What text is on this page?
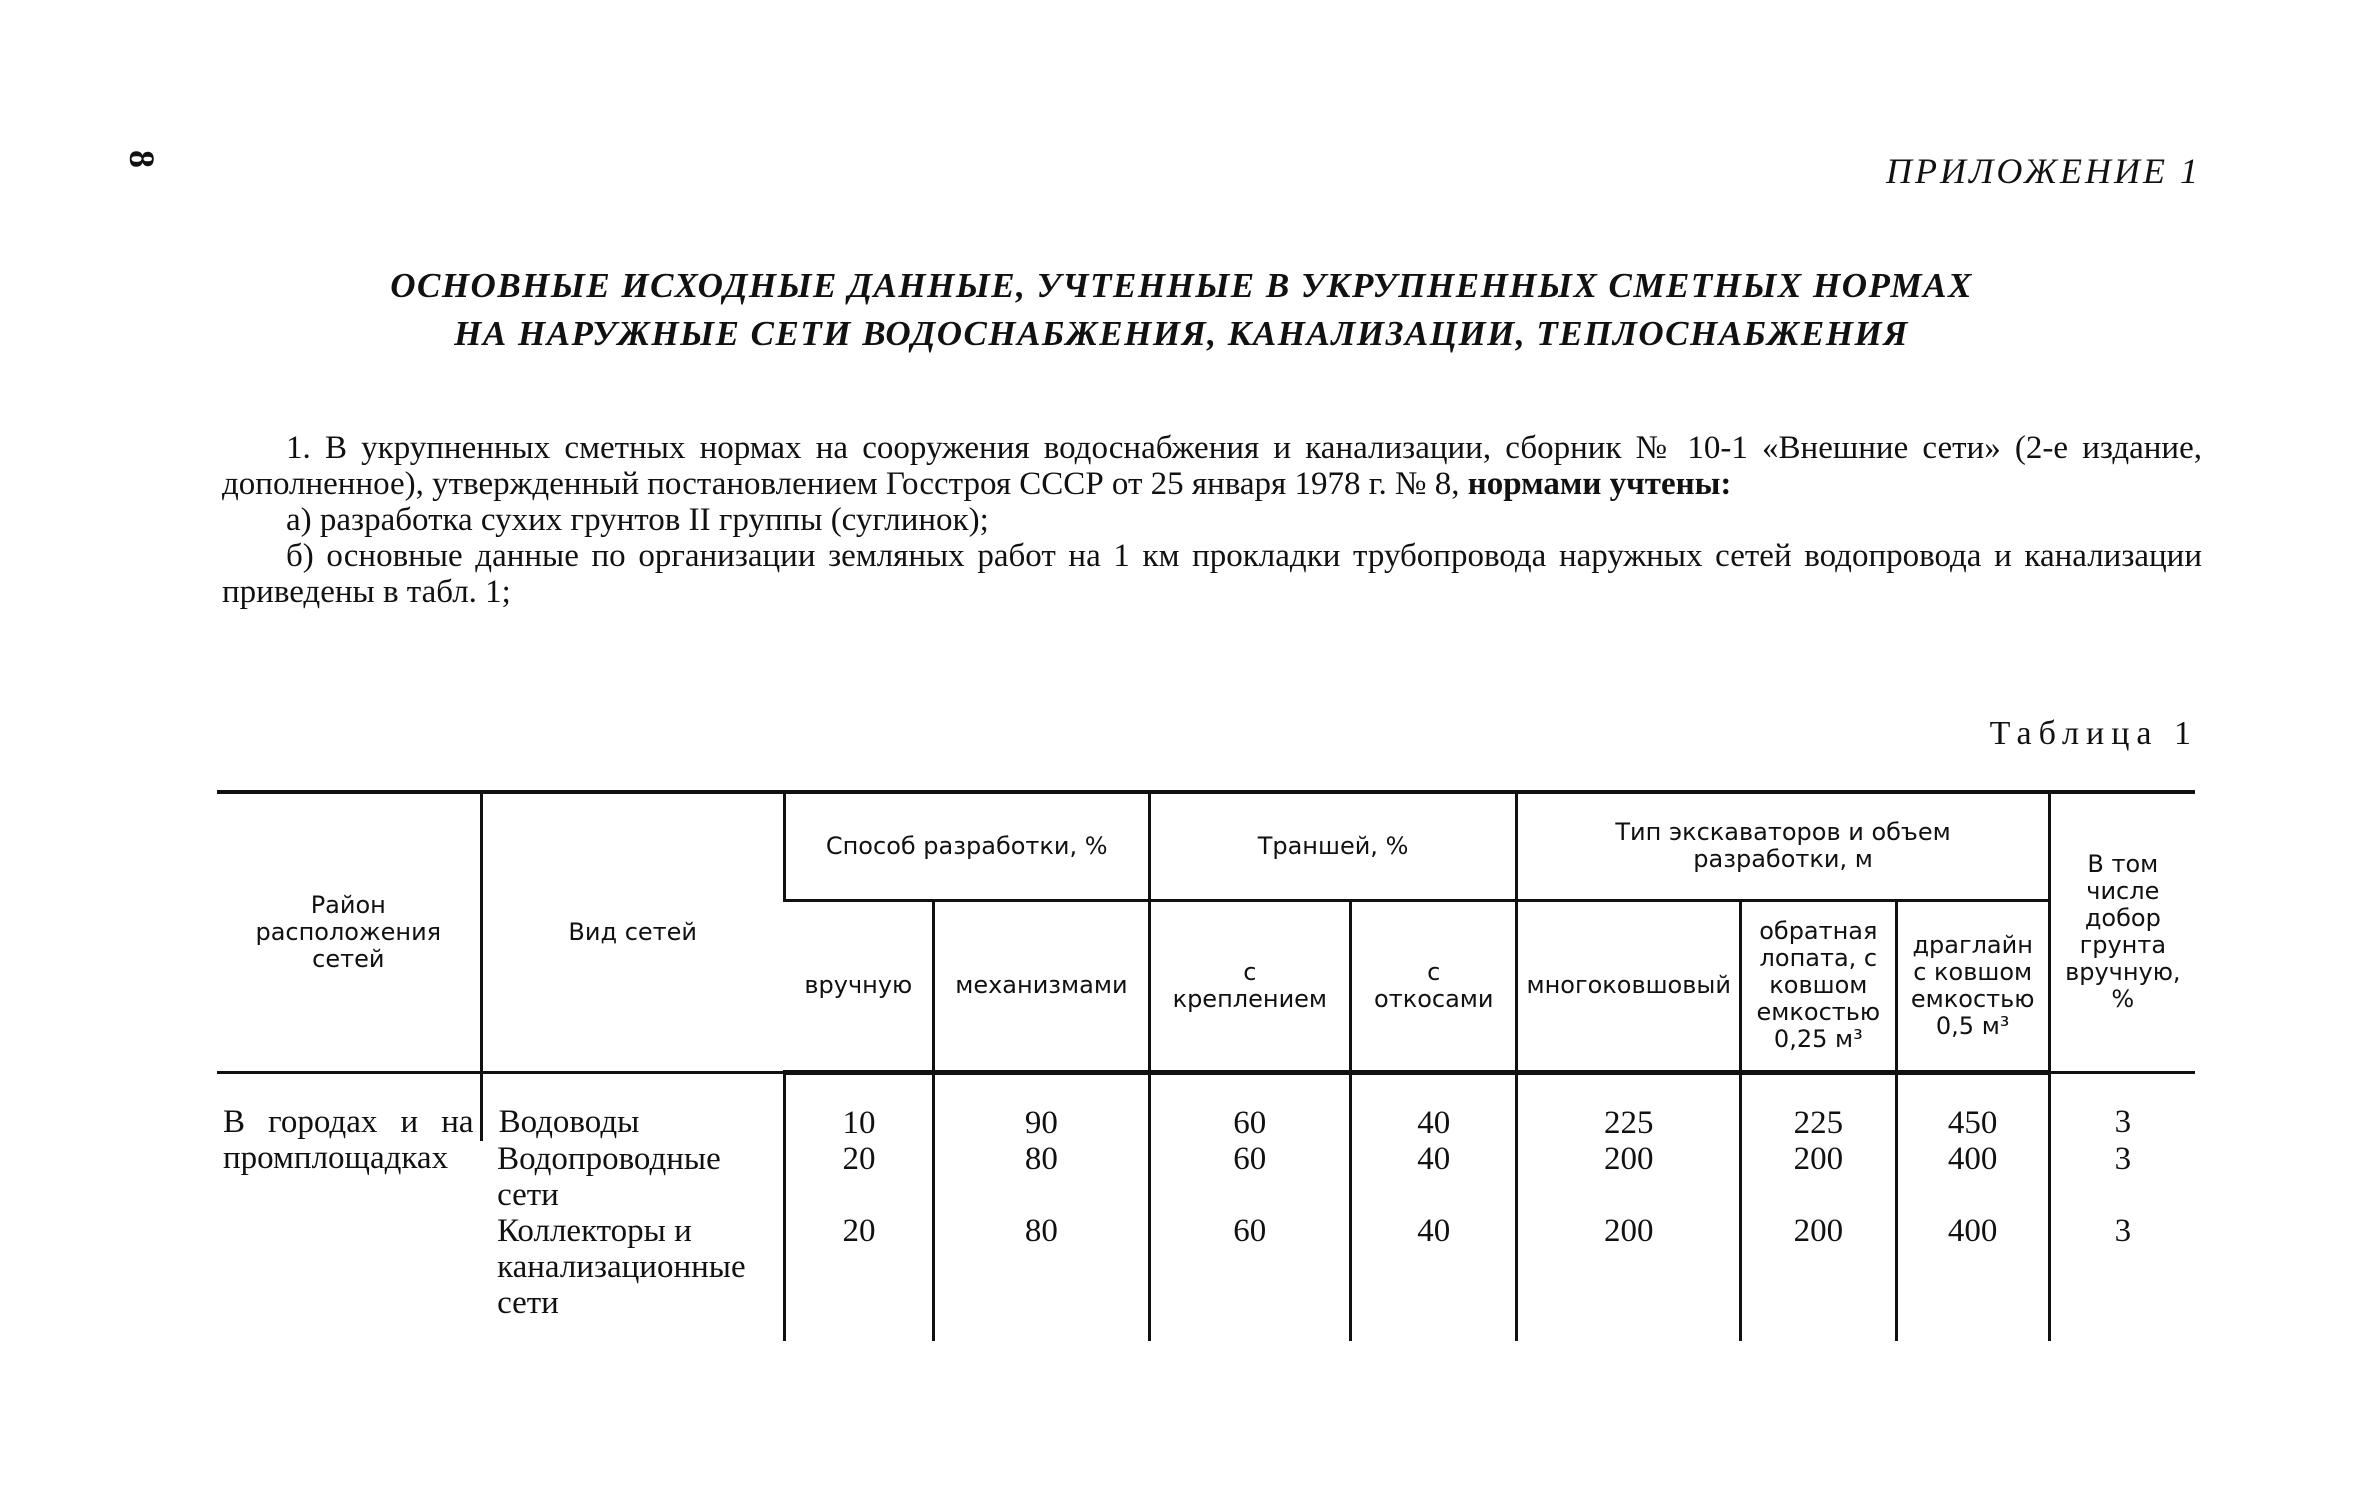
8	ПРИЛОЖЕНИЕ 1
ОСНОВНЫЕ ИСХОДНЫЕ ДАННЫЕ, УЧТЕННЫЕ В УКРУПНЕННЫХ СМЕТНЫХ НОРМАХ
НА НАРУЖНЫЕ СЕТИ ВОДОСНАБЖЕНИЯ, КАНАЛИЗАЦИИ, ТЕПЛОСНАБЖЕНИЯ

1. В укрупненных сметных нормах на сооружения водоснабжения и канализации, сборник № 10-1 «Внешние сети» (2-е издание, дополненное), утвержденный постановлением Госстроя СССР от 25 января 1978 г. № 8, нормами учтены:

а) разработка сухих грунтов II группы (суглинок);

б) основные данные по организации земляных работ на 1 км прокладки трубопровода наружных сетей водопровода и канализации приведены в табл. 1;

Таблица 1
Район расположения сетей	Вид сетей	Способ разработки, %		Траншей, %		Тип экскаваторов и объем разработки, м			В том числе добор грунта вручную, %
		вручную	механизмами	с креплением	с откосами	многоковшовый	обратная лопата, с ковшом емкостью 0,25 м³	драглайн с ковшом емкостью 0,5 м³	

В городах и на
промплощадках	Водоводы	10	90	60	40	225	225	450	3
	Водопроводные сети	20	80	60	40	200	200	400	3
	Коллекторы и канализационные сети	20	80	60	40	200	200	400	3
